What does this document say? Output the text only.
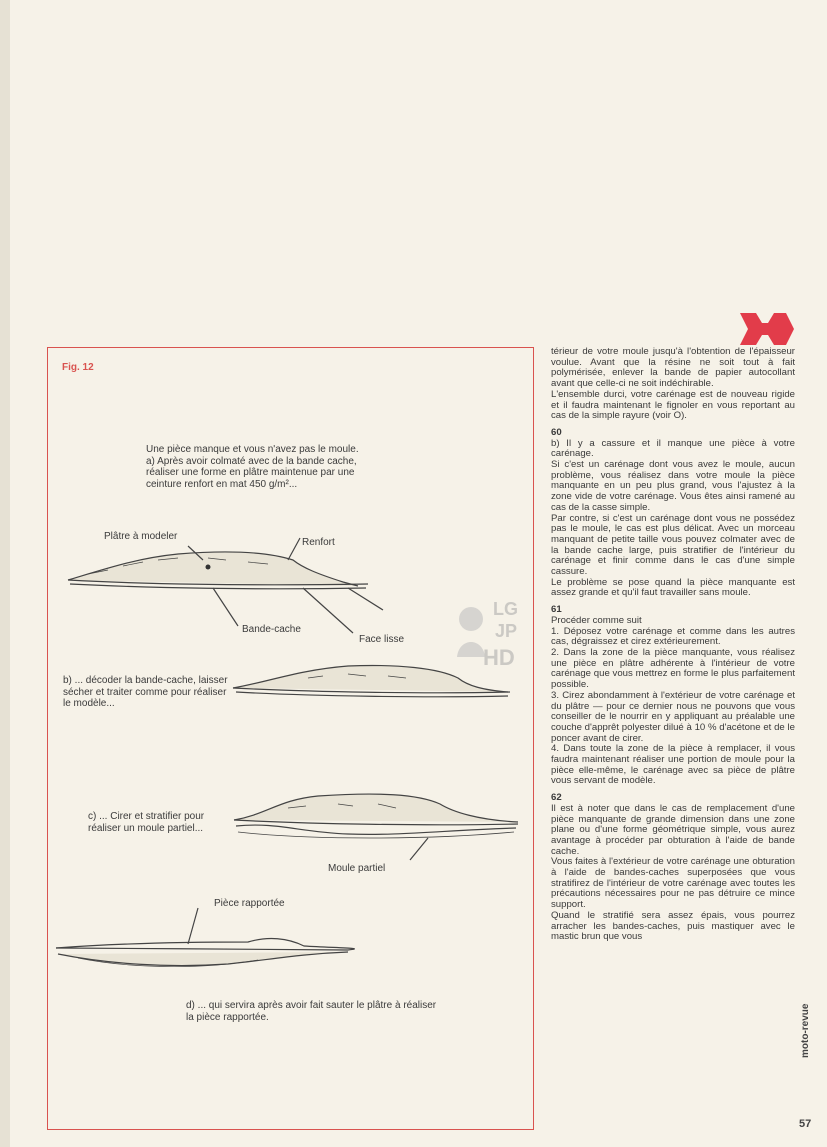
Fig. 12

Une pièce manque et vous n'avez pas le moule.

a) Après avoir colmaté avec de la bande cache, réaliser une forme en plâtre maintenue par une ceinture renfort en mat 450 g/m²...

Plâtre à modeler
Renfort
Bande-cache
Face lisse

b) ... décoder la bande-cache, laisser sécher et traiter comme pour réaliser le modèle...

c) ... Cirer et stratifier pour réaliser un moule partiel...

Moule partiel
Pièce rapportée

d) ... qui servira après avoir fait sauter le plâtre à réaliser la pièce rapportée.

LG
JP
HD

térieur de votre moule jusqu'à l'obtention de l'épaisseur voulue. Avant que la résine ne soit tout à fait polymérisée, enlever la bande de papier autocollant avant que celle-ci ne soit indéchirable.

L'ensemble durci, votre carénage est de nouveau rigide et il faudra maintenant le fignoler en vous reportant au cas de la simple rayure (voir O).

60

b) Il y a cassure et il manque une pièce à votre carénage.

Si c'est un carénage dont vous avez le moule, aucun problème, vous réalisez dans votre moule la pièce manquante en un peu plus grand, vous l'ajustez à la zone vide de votre carénage. Vous êtes ainsi ramené au cas de la casse simple.

Par contre, si c'est un carénage dont vous ne possédez pas le moule, le cas est plus délicat. Avec un morceau manquant de petite taille vous pouvez colmater avec de la bande cache large, puis stratifier de l'intérieur du carénage et finir comme dans le cas d'une simple cassure.

Le problème se pose quand la pièce manquante est assez grande et qu'il faut travailler sans moule.

61

Procéder comme suit

1. Déposez votre carénage et comme dans les autres cas, dégraissez et cirez extérieurement.

2. Dans la zone de la pièce manquante, vous réalisez une pièce en plâtre adhérente à l'intérieur de votre carénage que vous mettrez en forme le plus parfaitement possible.

3. Cirez abondamment à l'extérieur de votre carénage et du plâtre — pour ce dernier nous ne pouvons que vous conseiller de le nourrir en y appliquant au préalable une couche d'apprêt polyester dilué à 10 % d'acétone et de le poncer avant de cirer.

4. Dans toute la zone de la pièce à remplacer, il vous faudra maintenant réaliser une portion de moule pour la pièce elle-même, le carénage avec sa pièce de plâtre vous servant de modèle.

62

Il est à noter que dans le cas de remplacement d'une pièce manquante de grande dimension dans une zone plane ou d'une forme géométrique simple, vous aurez avantage à procéder par obturation à l'aide de bande cache.

Vous faites à l'extérieur de votre carénage une obturation à l'aide de bandes-caches superposées que vous stratifirez de l'intérieur de votre carénage avec toutes les précautions nécessaires pour ne pas détruire ce mince support.

Quand le stratifié sera assez épais, vous pourrez arracher les bandes-caches, puis mastiquer avec le mastic brun que vous

moto-revue
57
